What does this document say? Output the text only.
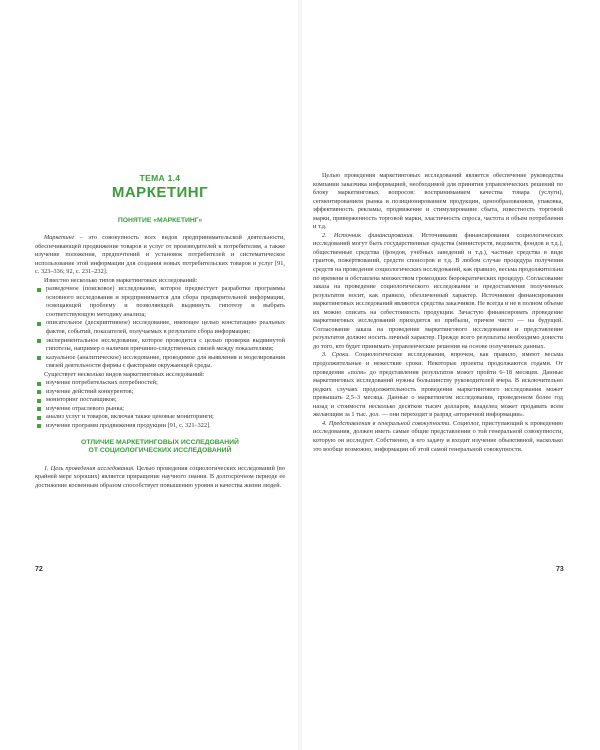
ТЕМА 1.4
МАРКЕТИНГ
ПОНЯТИЕ «МАРКЕТИНГ»

Маркетинг – это совокупность всех видов предпринимательской деятельности, обеспечивающей продвижение товаров и услуг от производителей к потребителям, а также изучение положения, предпочтений и установок потребителей и систематическое использование этой информации для создания новых потребительских товаров и услуг [91, с. 323–336; 92, с. 231–232].

Известно несколько типов маркетинговых исследований:

разведочное (поисковое) исследование, которое предвестует разработке программы основного исследования и предпринимается для сбора предварительной информации, освещающей проблему и позволяющей выдвинуть гипотезу и выбрать соответствующую методику анализа;
описательное (дескриптивное) исследование, имеющее целью констатацию реальных фактов, событий, показателей, получаемых в результате сбора информации;
экспериментальное исследование, которое проводится с целью проверки выдвинутой гипотезы, например о наличии причинно-следственных связей между показателями;
казуальное (аналитическое) исследование, проводимое для выявления и моделирования связей деятельности фирмы с факторами окружающей среды.

Существует несколько видов маркетинговых исследований:

изучение потребительских потребностей;
изучение действий конкурентов;
мониторинг поставщиков;
изучение отраслевого рынка;
анализ услуг и товаров, включая также ценовые мониторинги;
изучение программ продвижения продукции [91, с. 321–322].
ОТЛИЧИЕ МАРКЕТИНГОВЫХ ИССЛЕДОВАНИЙ
ОТ СОЦИОЛОГИЧЕСКИХ ИССЛЕДОВАНИЙ

1. Цель проведения исследования. Целью проведения социологических исследований (во крайней мере хороших) является приращение научного знания. В долгосрочном периоде ее достижение косвенным образом способствует повышению уровня и качества жизни людей.

72

Целью проведения маркетинговых исследований является обеспечение руководства компании заказчика информацией, необходимой для принятия управленческих решений по блоку маркетинговых вопросов: восприниманием качества товара (услуги), сегментированием рынка и позиционированием продукции, ценообразованием, упаковка, эффективность рекламы, продвижение и стимулирование сбыта, известность торговой марки, приверженность торговой марки, эластичность спроса, частота и объем потребления и т.д.

2. Источник финансирования. Источниками финансирования социологических исследований могут быть государственные средства (министерств, ведомств, фондов и т.д.), общественные средства (фондов, учебных заведений и т.д.), частные средства в виде грантов, пожертвований, средств спонсоров и т.д. В любом случае процедура получения средств на проведение социологических исследований, как правило, весьма продолжительна по времени и обставлена множеством громоздких бюрократических процедур. Согласование заказа на проведение социологического исследования и предоставление полученных результатов носит, как правило, обезличенный характер. Источником финансирования маркетинговых исследований являются средства заказчиков. Не всегда и не в полном объеме их можно списать на себестоимость продукции. Зачастую финансировать проведение маркетинговых исследований приходится из прибыли, причем чисто — на будущей. Согласование заказа на проведение маркетингового исследования и представление результатов должно носить личный характер. Прежде всего результаты необходимо донести до того, кто будет принимать управленческие решения на основе полученных данных.

3. Сроки. Социологические исследования, впрочем, как правило, имеют весьма продолжительные и нежесткие сроки. Некоторые проекты продолжаются годами. От проведения «поля» до представления результатов может пройти 6–18 месяцев. Данные маркетинговых исследований нужны большинству руководителей вчера. В исключительно редких случаях продолжительность проведения маркетингового исследования может превышать 2,5–3 месяца. Данные о маркетингом исследовании, проведенном более год назад и стоимости несколько десятков тысяч долларов, владелец может продавать всем желающим за 1 тыс. дол. — они переходят в разряд «вторичной информации».

4. Представления в генеральной совокупности. Социолог, приступающий к проведению исследования, должен иметь самые общие представлении о той генеральной совокупности, которую он исследует. Собственно, в его задачу и входит изучение объективной, насколько это вообще возможно, информации об этой самой генеральной совокупности.

73
